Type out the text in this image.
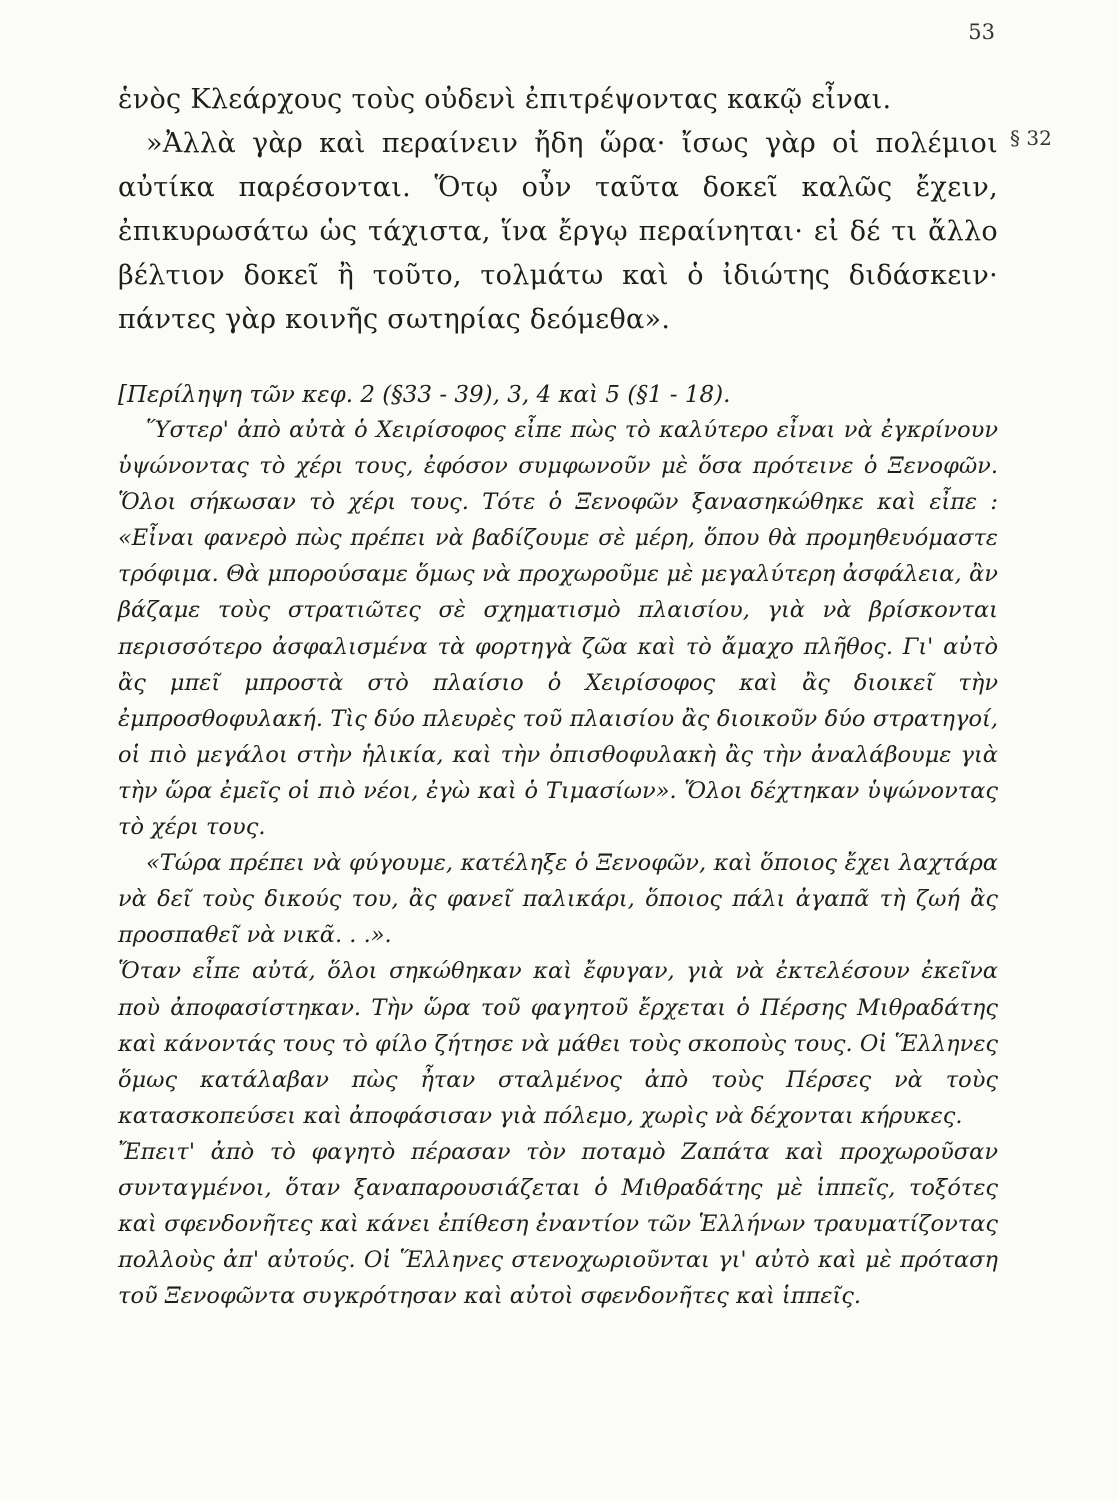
53

ἑνὸς Κλεάρχους τοὺς οὐδενὶ ἐπιτρέψοντας κακῷ εἶναι.

»Ἀλλὰ γὰρ καὶ περαίνειν ἤδη ὥρα· ἴσως γὰρ οἱ πολέμιοι αὐτίκα παρέσονται. Ὅτῳ οὖν ταῦτα δοκεῖ καλῶς ἔχειν, ἐπικυρωσάτω ὡς τάχιστα, ἵνα ἔργῳ περαίνηται· εἰ δέ τι ἄλλο βέλτιον δοκεῖ ἢ τοῦτο, τολμάτω καὶ ὁ ἰδιώτης διδάσκειν· πάντες γὰρ κοινῆς σωτηρίας δεόμεθα».

§ 32
[Περίληψη τῶν κεφ. 2 (§33 - 39), 3, 4 καὶ 5 (§1 - 18).

Ὕστερ' ἀπὸ αὐτὰ ὁ Χειρίσοφος εἶπε πὼς τὸ καλύτερο εἶναι νὰ ἐγκρίνουν ὑψώνοντας τὸ χέρι τους, ἐφόσον συμφωνοῦν μὲ ὅσα πρότεινε ὁ Ξενοφῶν. Ὅλοι σήκωσαν τὸ χέρι τους. Τότε ὁ Ξενοφῶν ξανασηκώθηκε καὶ εἶπε : «Εἶναι φανερὸ πὼς πρέπει νὰ βαδίζουμε σὲ μέρη, ὅπου θὰ προμηθευόμαστε τρόφιμα. Θὰ μπορούσαμε ὅμως νὰ προχωροῦμε μὲ μεγαλύτερη ἀσφάλεια, ἂν βάζαμε τοὺς στρατιῶτες σὲ σχηματισμὸ πλαισίου, γιὰ νὰ βρίσκονται περισσότερο ἀσφαλισμένα τὰ φορτηγὰ ζῶα καὶ τὸ ἄμαχο πλῆθος. Γι' αὐτὸ ἂς μπεῖ μπροστὰ στὸ πλαίσιο ὁ Χειρίσοφος καὶ ἂς διοικεῖ τὴν ἐμπροσθοφυλακή. Τὶς δύο πλευρὲς τοῦ πλαισίου ἂς διοικοῦν δύο στρατηγοί, οἱ πιὸ μεγάλοι στὴν ἡλικία, καὶ τὴν ὀπισθοφυλακὴ ἂς τὴν ἀναλάβουμε γιὰ τὴν ὥρα ἐμεῖς οἱ πιὸ νέοι, ἐγὼ καὶ ὁ Τιμασίων». Ὅλοι δέχτηκαν ὑψώνοντας τὸ χέρι τους.

«Τώρα πρέπει νὰ φύγουμε, κατέληξε ὁ Ξενοφῶν, καὶ ὅποιος ἔχει λαχτάρα νὰ δεῖ τοὺς δικούς του, ἂς φανεῖ παλικάρι, ὅποιος πάλι ἀγαπᾶ τὴ ζωή ἂς προσπαθεῖ νὰ νικᾶ. . .».

Ὅταν εἶπε αὐτά, ὅλοι σηκώθηκαν καὶ ἔφυγαν, γιὰ νὰ ἐκτελέσουν ἐκεῖνα ποὺ ἀποφασίστηκαν. Τὴν ὥρα τοῦ φαγητοῦ ἔρχεται ὁ Πέρσης Μιθραδάτης καὶ κάνοντάς τους τὸ φίλο ζήτησε νὰ μάθει τοὺς σκοποὺς τους. Οἱ Ἕλληνες ὅμως κατάλαβαν πὼς ἦταν σταλμένος ἀπὸ τοὺς Πέρσες νὰ τοὺς κατασκοπεύσει καὶ ἀποφάσισαν γιὰ πόλεμο, χωρὶς νὰ δέχονται κήρυκες.

Ἔπειτ' ἀπὸ τὸ φαγητὸ πέρασαν τὸν ποταμὸ Ζαπάτα καὶ προχωροῦσαν συνταγμένοι, ὅταν ξαναπαρουσιάζεται ὁ Μιθραδάτης μὲ ἱππεῖς, τοξότες καὶ σφενδονῆτες καὶ κάνει ἐπίθεση ἐναντίον τῶν Ἑλλήνων τραυματίζοντας πολλοὺς ἀπ' αὐτούς. Οἱ Ἕλληνες στενοχωριοῦνται γι' αὐτὸ καὶ μὲ πρόταση τοῦ Ξενοφῶντα συγκρότησαν καὶ αὐτοὶ σφενδονῆτες καὶ ἱππεῖς.
